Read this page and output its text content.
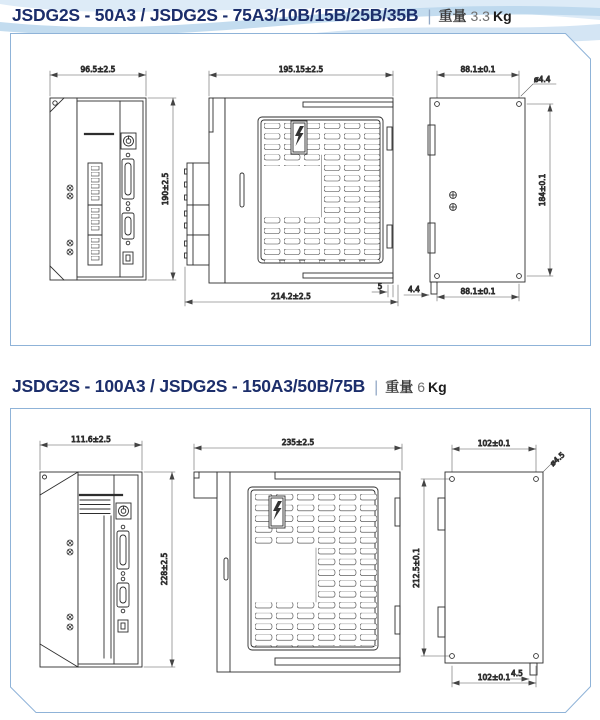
JSDG2S - 50A3 / JSDG2S - 75A3/10B/15B/25B/35B | 重量 3.3 Kg
96.5±2.5
190±2.5
195.15±2.5
214.2±2.5
5
88.1±0.1
ø4.4
184±0.1
88.1±0.1
4.4
JSDG2S - 100A3 / JSDG2S - 150A3/50B/75B | 重量 6 Kg
111.6±2.5
228±2.5
235±2.5	102±0.1
ø4.5
212.5±0.1
102±0.1 4.5
